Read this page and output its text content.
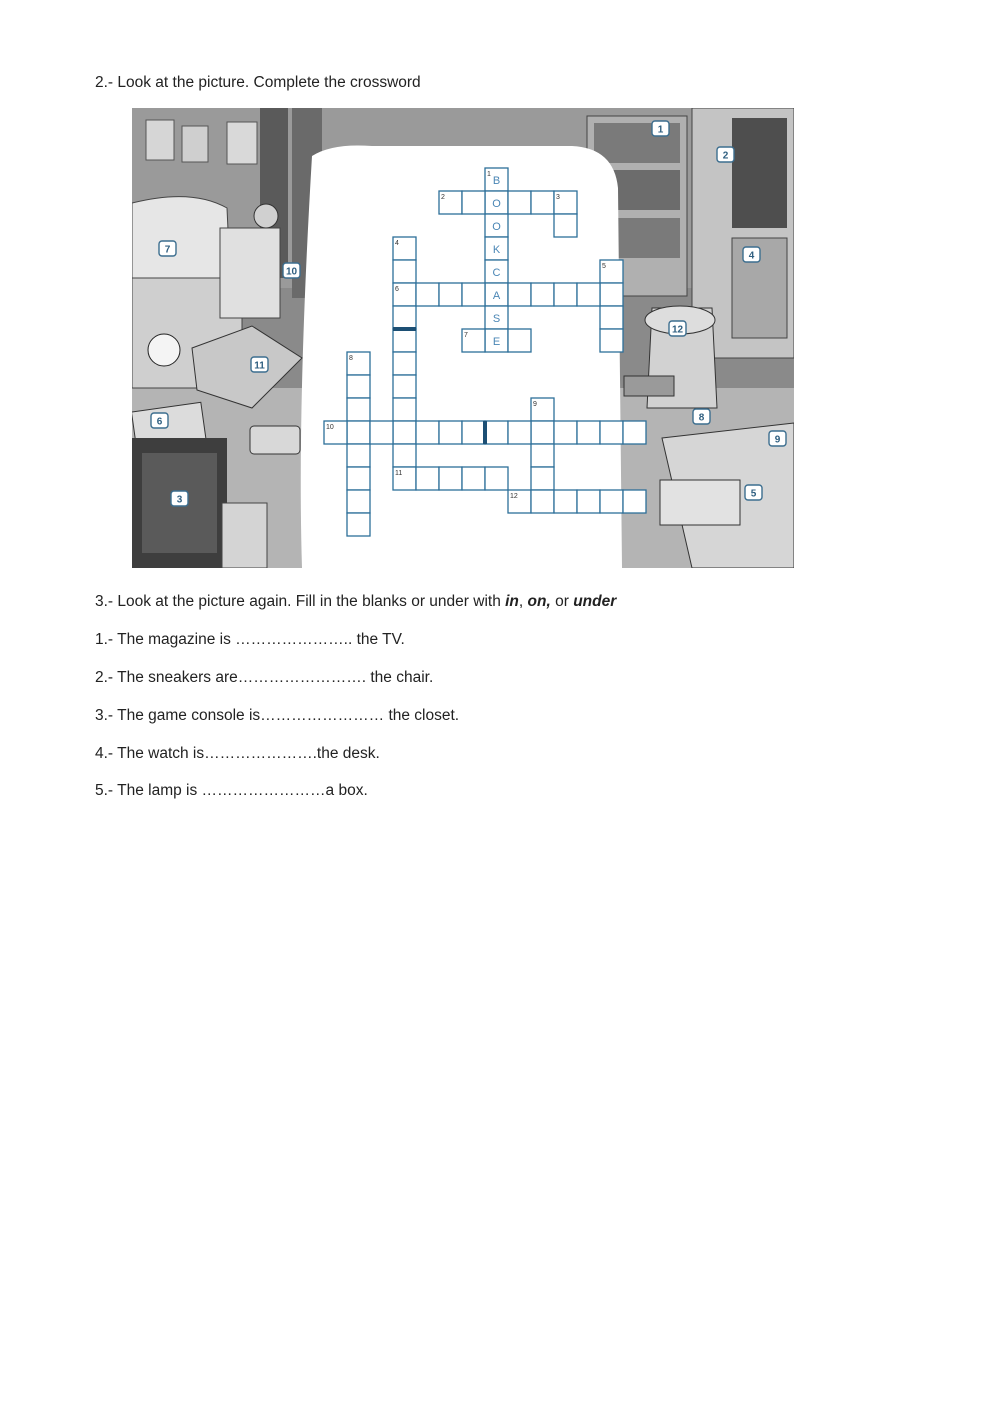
2.- Look at the picture. Complete the crossword
1
2
3
4
5
6
7
8
9
10
11
12
B
O
O
K
C
A
S
E
1
2	3
4
5
6
7
8
9
10
11
12
3.- Look at the picture again. Fill in the blanks or under with in, on, or under
1.- The magazine is ………………….. the TV.
2.- The sneakers are……………………. the chair.
3.- The game console is…………………… the closet.
4.- The watch is………………….the desk.
5.- The lamp is ……………………a box.
